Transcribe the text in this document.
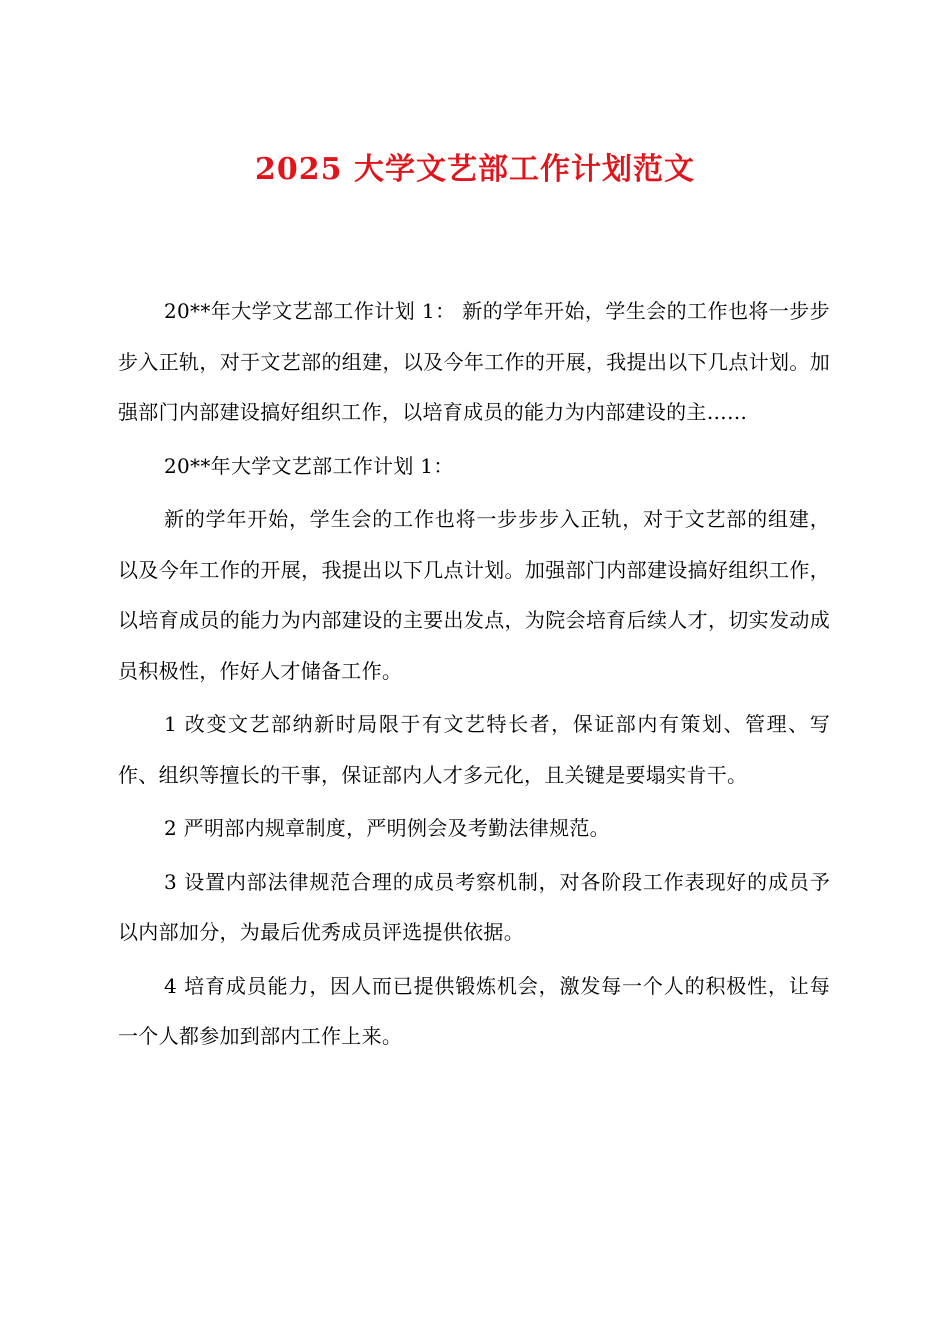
2025 大学文艺部工作计划范文

20**年大学文艺部工作计划 1： 新的学年开始，学生会的工作也将一步步步入正轨，对于文艺部的组建，以及今年工作的开展，我提出以下几点计划。加强部门内部建设搞好组织工作，以培育成员的能力为内部建设的主……

20**年大学文艺部工作计划 1：

新的学年开始，学生会的工作也将一步步步入正轨，对于文艺部的组建，以及今年工作的开展，我提出以下几点计划。加强部门内部建设搞好组织工作，以培育成员的能力为内部建设的主要出发点，为院会培育后续人才，切实发动成员积极性，作好人才储备工作。

1 改变文艺部纳新时局限于有文艺特长者，保证部内有策划、管理、写作、组织等擅长的干事，保证部内人才多元化，且关键是要塌实肯干。

2 严明部内规章制度，严明例会及考勤法律规范。

3 设置内部法律规范合理的成员考察机制，对各阶段工作表现好的成员予以内部加分，为最后优秀成员评选提供依据。

4 培育成员能力，因人而已提供锻炼机会，激发每一个人的积极性，让每一个人都参加到部内工作上来。
